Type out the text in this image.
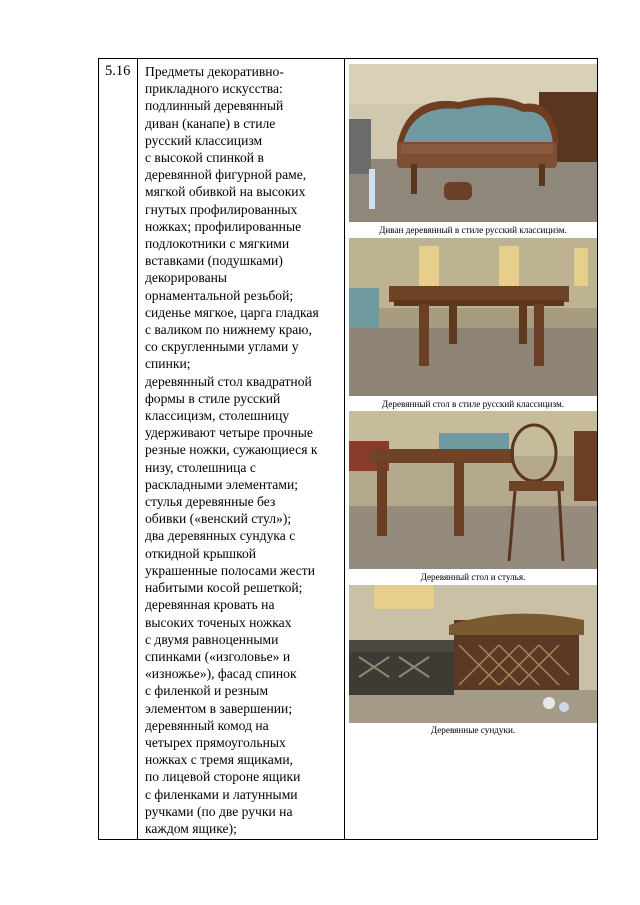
5.16 Предметы декоративно-
прикладного искусства:
подлинный деревянный
диван (канапе) в стиле
русский классицизм
с высокой спинкой в
деревянной фигурной раме,
мягкой обивкой на высоких
гнутых профилированных
ножках; профилированные
подлокотники с мягкими
вставками (подушками)
декорированы
орнаментальной резьбой;
сиденье мягкое, царга гладкая
с валиком по нижнему краю,
со скругленными углами у
спинки;
деревянный стол квадратной
формы в стиле русский
классицизм, столешницу
удерживают четыре прочные
резные ножки, сужающиеся к
низу, столешница с
раскладными элементами;
стулья деревянные без
обивки («венский стул»);
два деревянных сундука с
откидной крышкой
украшенные полосами жести
набитыми косой решеткой;
деревянная кровать на
высоких точеных ножках
с двумя равноценными
спинками («изголовье» и
«изножье»), фасад спинок
с филенкой и резным
элементом в завершении;
деревянный комод на
четырех прямоугольных
ножках с тремя ящиками,
по лицевой стороне ящики
с филенками и латунными
ручками (по две ручки на
каждом ящике);
Диван деревянный в стиле русский классицизм.
Деревянный стол в стиле русский классицизм.
Деревянный стол и стулья.
Деревянные сундуки.
